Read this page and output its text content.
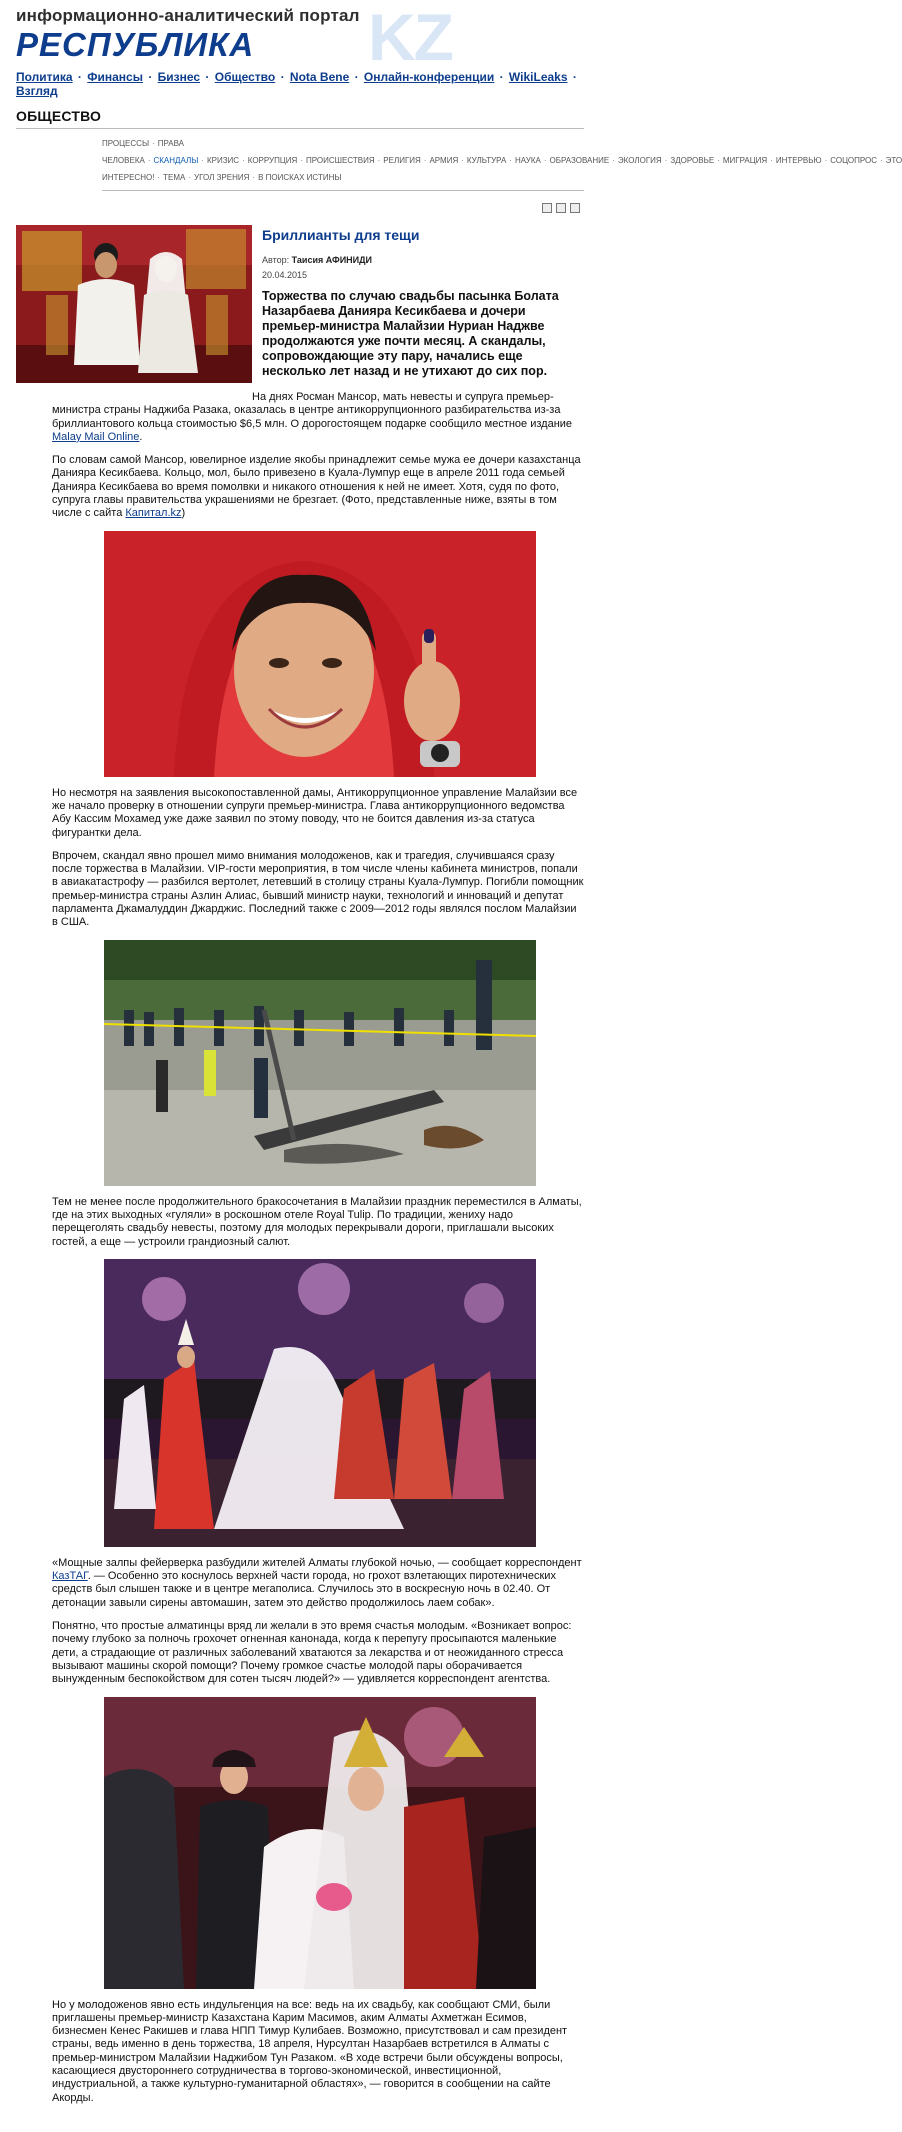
KZ
информационно-аналитический портал
РЕСПУБЛИКА
Политика · Финансы · Бизнес · Общество · Nota Bene · Онлайн-конференции · WikiLeaks · Взгляд
ОБЩЕСТВО
ПРОЦЕССЫ · ПРАВА ЧЕЛОВЕКА · СКАНДАЛЫ · КРИЗИС · КОРРУПЦИЯ · ПРОИСШЕСТВИЯ · РЕЛИГИЯ · АРМИЯ · КУЛЬТУРА · НАУКА · ОБРАЗОВАНИЕ · ЭКОЛОГИЯ · ЗДОРОВЬЕ · МИГРАЦИЯ · ИНТЕРВЬЮ · СОЦОПРОС · ЭТО ИНТЕРЕСНО! · ТЕМА · УГОЛ ЗРЕНИЯ · В ПОИСКАХ ИСТИНЫ
Бриллианты для тещи
Автор: Таисия АФИНИДИ
20.04.2015
Торжества по случаю свадьбы пасынка Болата Назарбаева Данияра Кесикбаева и дочери премьер-министра Малайзии Нуриан Наджве продолжаются уже почти месяц. А скандалы, сопровождающие эту пару, начались еще несколько лет назад и не утихают до сих пор.

На днях Росман Мансор, мать невесты и супруга премьер-министра страны Наджиба Разака, оказалась в центре антикоррупционного разбирательства из-за бриллиантового кольца стоимостью $6,5 млн. О дорогостоящем подарке сообщило местное издание Malay Mail Online.

По словам самой Мансор, ювелирное изделие якобы принадлежит семье мужа ее дочери казахстанца Данияра Кесикбаева. Кольцо, мол, было привезено в Куала-Лумпур еще в апреле 2011 года семьей Данияра Кесикбаева во время помолвки и никакого отношения к ней не имеет. Хотя, судя по фото, супруга главы правительства украшениями не брезгает. (Фото, представленные ниже, взяты в том числе с сайта Капитал.kz)

Но несмотря на заявления высокопоставленной дамы, Антикоррупционное управление Малайзии все же начало проверку в отношении супруги премьер-министра. Глава антикоррупционного ведомства Абу Кассим Мохамед уже даже заявил по этому поводу, что не боится давления из-за статуса фигурантки дела.

Впрочем, скандал явно прошел мимо внимания молодоженов, как и трагедия, случившаяся сразу после торжества в Малайзии. VIP-гости мероприятия, в том числе члены кабинета министров, попали в авиакатастрофу — разбился вертолет, летевший в столицу страны Куала-Лумпур. Погибли помощник премьер-министра страны Азлин Алиас, бывший министр науки, технологий и инноваций и депутат парламента Джамалуддин Джарджис. Последний также с 2009—2012 годы являлся послом Малайзии в США.

Тем не менее после продолжительного бракосочетания в Малайзии праздник переместился в Алматы, где на этих выходных «гуляли» в роскошном отеле Royal Tulip. По традиции, жениху надо перещеголять свадьбу невесты, поэтому для молодых перекрывали дороги, приглашали высоких гостей, а еще — устроили грандиозный салют.

«Мощные залпы фейерверка разбудили жителей Алматы глубокой ночью, — сообщает корреспондент КазТАГ. — Особенно это коснулось верхней части города, но грохот взлетающих пиротехнических средств был слышен также и в центре мегаполиса. Случилось это в воскресную ночь в 02.40. От детонации завыли сирены автомашин, затем это действо продолжилось лаем собак».

Понятно, что простые алматинцы вряд ли желали в это время счастья молодым. «Возникает вопрос: почему глубоко за полночь грохочет огненная канонада, когда к перепугу просыпаются маленькие дети, а страдающие от различных заболеваний хватаются за лекарства и от неожиданного стресса вызывают машины скорой помощи? Почему громкое счастье молодой пары оборачивается вынужденным беспокойством для сотен тысяч людей?» — удивляется корреспондент агентства.

Но у молодоженов явно есть индульгенция на все: ведь на их свадьбу, как сообщают СМИ, были приглашены премьер-министр Казахстана Карим Масимов, аким Алматы Ахметжан Есимов, бизнесмен Кенес Ракишев и глава НПП Тимур Кулибаев. Возможно, присутствовал и сам президент страны, ведь именно в день торжества, 18 апреля, Нурсултан Назарбаев встретился в Алматы с премьер-министром Малайзии Наджибом Тун Разаком. «В ходе встречи были обсуждены вопросы, касающиеся двустороннего сотрудничества в торгово-экономической, инвестиционной, индустриальной, а также культурно-гуманитарной областях», — говорится в сообщении на сайте Акорды.
